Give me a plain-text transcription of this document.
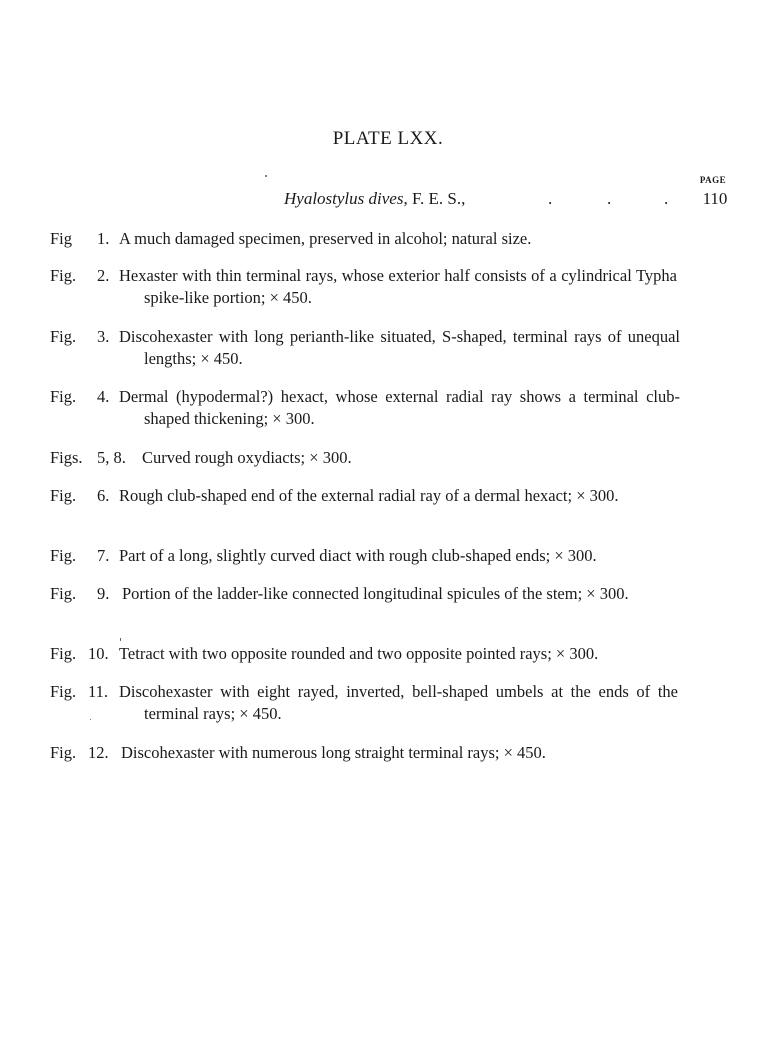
PLATE LXX.
PAGE
Hyalostylus dives, F. E. S.,	.	.	.	110
Fig 1. A much damaged specimen, preserved in alcohol; natural size.
Fig. 2. Hexaster with thin terminal rays, whose exterior half consists of a cylindrical Typha spike-like portion; × 450.
Fig. 3. Discohexaster with long perianth-like situated, S-shaped, terminal rays of unequal lengths; × 450.
Fig. 4. Dermal (hypodermal?) hexact, whose external radial ray shows a terminal club-shaped thickening; × 300.
Figs. 5, 8. Curved rough oxydiacts; × 300.
Fig. 6. Rough club-shaped end of the external radial ray of a dermal hexact; × 300.
Fig. 7. Part of a long, slightly curved diact with rough club-shaped ends; × 300.
Fig. 9. Portion of the ladder-like connected longitudinal spicules of the stem; × 300.
Fig. 10. Tetract with two opposite rounded and two opposite pointed rays; × 300.
Fig. 11. Discohexaster with eight rayed, inverted, bell-shaped umbels at the ends of the terminal rays; × 450.
Fig. 12. Discohexaster with numerous long straight terminal rays; × 450.
